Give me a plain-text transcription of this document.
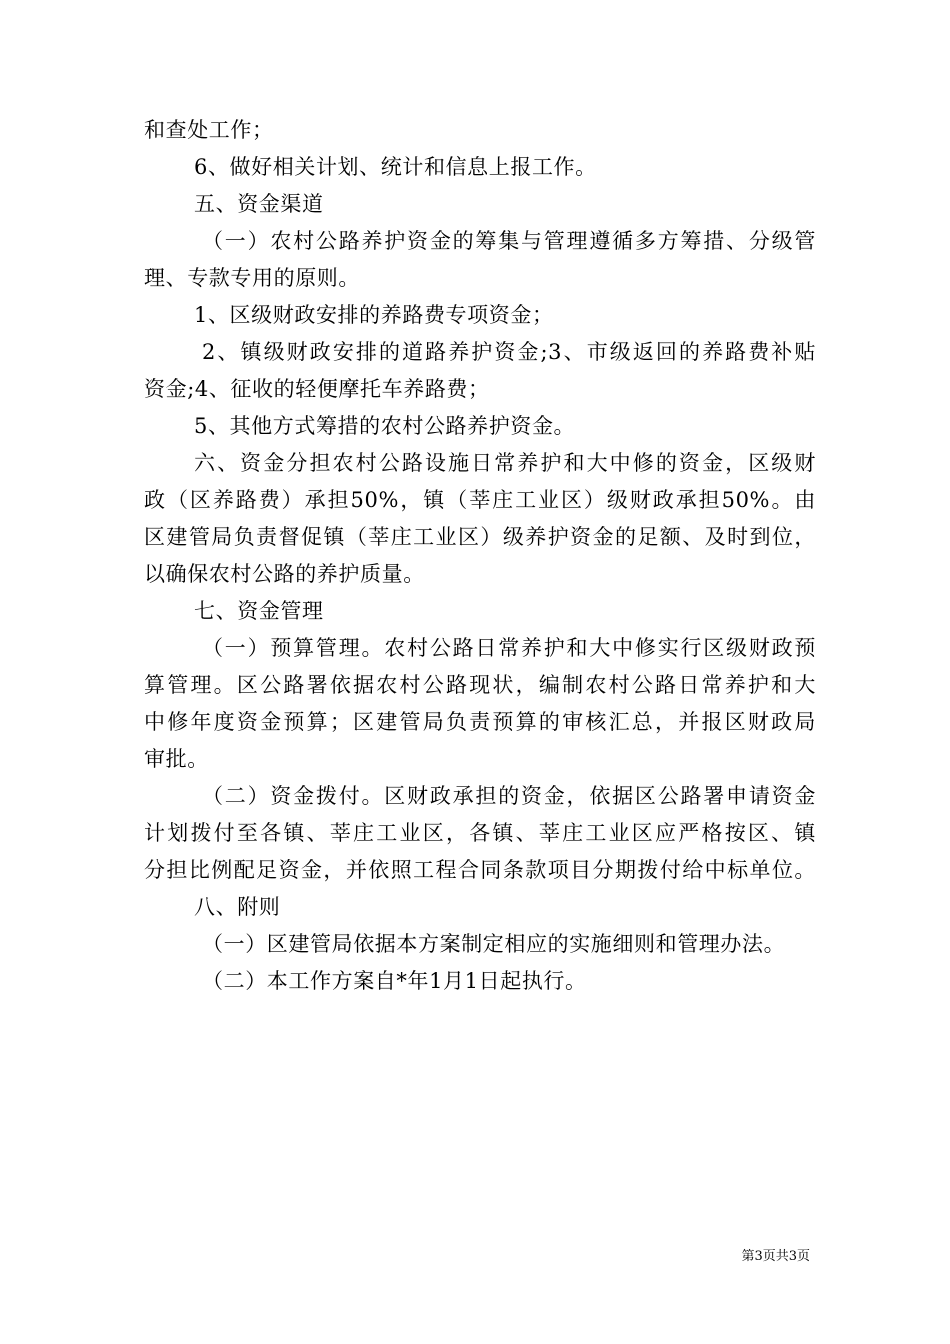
和查处工作；
6、做好相关计划、统计和信息上报工作。
五、资金渠道
（一）农村公路养护资金的筹集与管理遵循多方筹措、分级管
理、专款专用的原则。
1、区级财政安排的养路费专项资金；
2、镇级财政安排的道路养护资金;3、市级返回的养路费补贴
资金;4、征收的轻便摩托车养路费；
5、其他方式筹措的农村公路养护资金。
六、资金分担农村公路设施日常养护和大中修的资金，区级财
政（区养路费）承担50%，镇（莘庄工业区）级财政承担50%。由
区建管局负责督促镇（莘庄工业区）级养护资金的足额、及时到位，
以确保农村公路的养护质量。
七、资金管理
（一）预算管理。农村公路日常养护和大中修实行区级财政预
算管理。区公路署依据农村公路现状，编制农村公路日常养护和大
中修年度资金预算；区建管局负责预算的审核汇总，并报区财政局
审批。
（二）资金拨付。区财政承担的资金，依据区公路署申请资金
计划拨付至各镇、莘庄工业区，各镇、莘庄工业区应严格按区、镇
分担比例配足资金，并依照工程合同条款项目分期拨付给中标单位。
八、附则
（一）区建管局依据本方案制定相应的实施细则和管理办法。
（二）本工作方案自*年1月1日起执行。
第3页共3页
